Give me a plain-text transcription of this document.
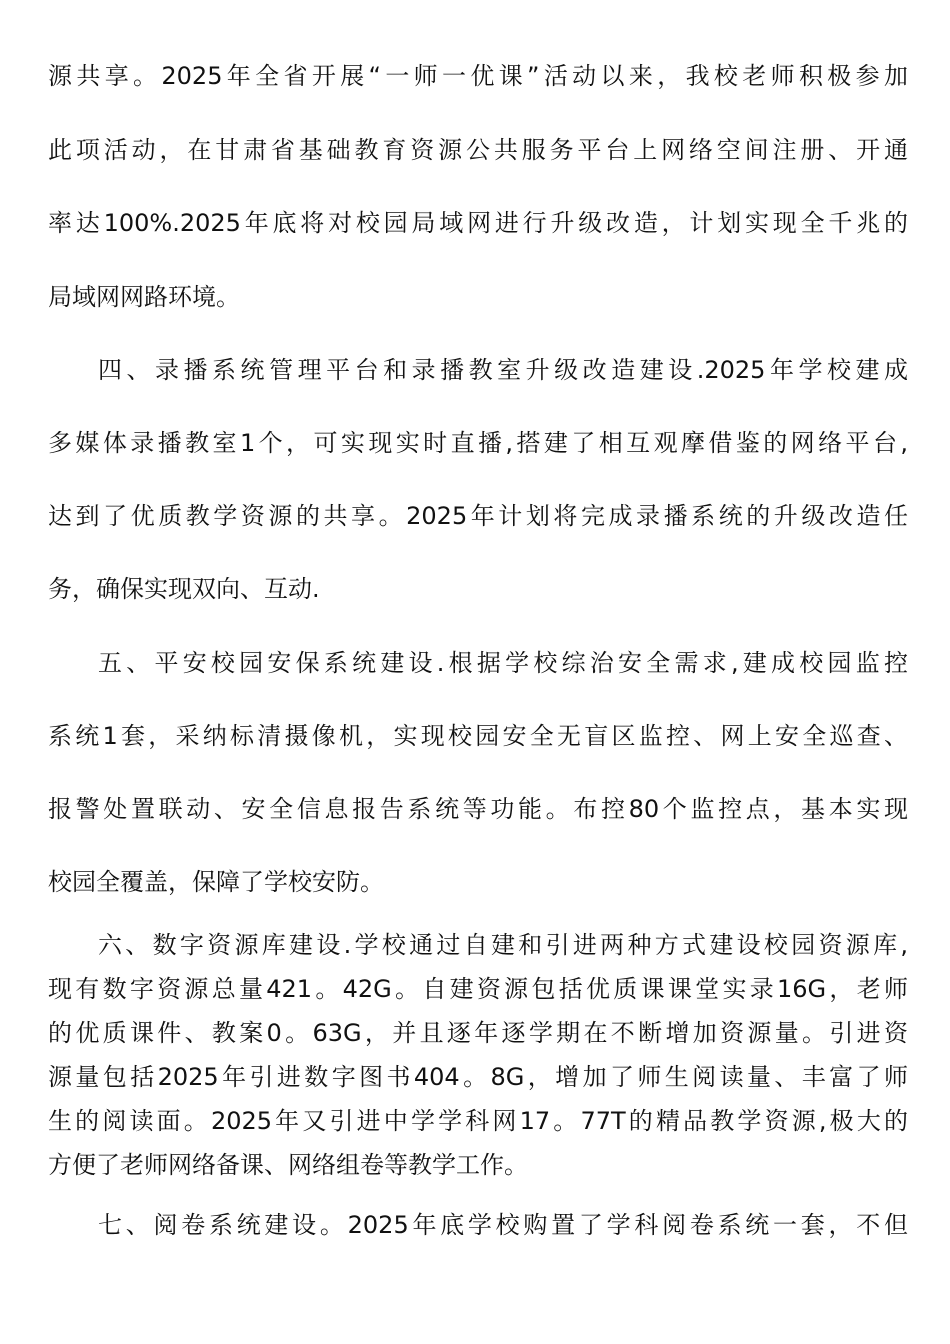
源共享。2025年全省开展“一师一优课”活动以来，我校老师积极参加
此项活动，在甘肃省基础教育资源公共服务平台上网络空间注册、开通
率达100%.2025年底将对校园局域网进行升级改造，计划实现全千兆的
局域网网路环境。
四、录播系统管理平台和录播教室升级改造建设.2025年学校建成
多媒体录播教室1个，可实现实时直播,搭建了相互观摩借鉴的网络平台,
达到了优质教学资源的共享。2025年计划将完成录播系统的升级改造任
务，确保实现双向、互动.
五、平安校园安保系统建设.根据学校综治安全需求,建成校园监控
系统1套，采纳标清摄像机，实现校园安全无盲区监控、网上安全巡查、
报警处置联动、安全信息报告系统等功能。布控80个监控点，基本实现
校园全覆盖，保障了学校安防。
六、数字资源库建设.学校通过自建和引进两种方式建设校园资源库,
现有数字资源总量421。42G。自建资源包括优质课课堂实录16G，老师
的优质课件、教案0。63G，并且逐年逐学期在不断增加资源量。引进资
源量包括2025年引进数字图书404。8G，增加了师生阅读量、丰富了师
生的阅读面。2025年又引进中学学科网17。77T的精品教学资源,极大的
方便了老师网络备课、网络组卷等教学工作。
七、阅卷系统建设。2025年底学校购置了学科阅卷系统一套，不但
